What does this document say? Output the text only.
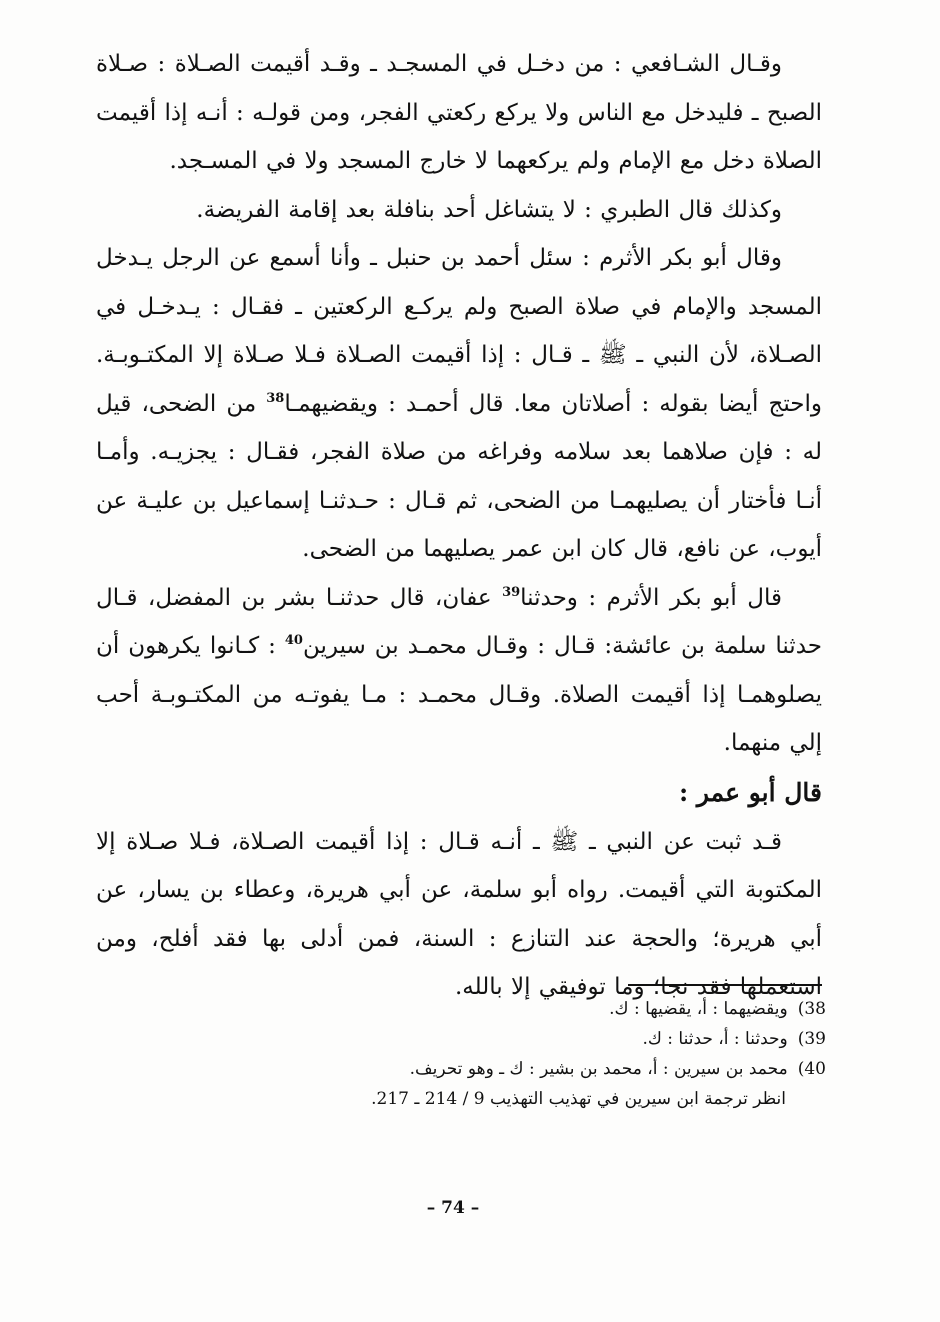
وقـال الشـافعي : من دخـل في المسجـد ـ وقـد أقيمت الصـلاة : صـلاة الصبح ـ فليدخل مع الناس ولا يركع ركعتي الفجر، ومن قولـه : أنـه إذا أقيمت الصلاة دخل مع الإمام ولم يركعهما لا خارج المسجد ولا في المسـجد.

وكذلك قال الطبري : لا يتشاغل أحد بنافلة بعد إقامة الفريضة.

وقال أبو بكر الأثرم : سئل أحمد بن حنبل ـ وأنا أسمع عن الرجل يـدخل المسجد والإمام في صلاة الصبح ولم يركـع الركعتين ـ فقـال : يـدخـل في الصـلاة، لأن النبي ـ ﷺ ـ قـال : إذا أقيمت الصـلاة فـلا صـلاة إلا المكتـوبـة. واحتج أيضا بقوله : أصلاتان معا. قال أحمـد : ويقضيهمـا$^{38}$ من الضحى، قيل له : فإن صلاهما بعد سلامه وفراغه من صلاة الفجر، فقـال : يجزيـه. وأمـا أنـا فأختار أن يصليهمـا من الضحى، ثم قـال : حـدثنـا إسماعيل بن عليـة عن أيوب، عن نافع، قال كان ابن عمر يصليهما من الضحى.

قال أبو بكر الأثرم : وحدثنا$^{39}$ عفان، قال حدثنـا بشر بن المفضل، قـال حدثنا سلمة بن عائشة: قـال : وقـال محمـد بن سيرين$^{40}$ : كـانوا يكرهون أن يصلوهمـا إذا أقيمت الصلاة. وقـال محمـد : مـا يفوتـه من المكتـوبـة أحب إلي منهما.

قال أبو عمر :

قـد ثبت عن النبي ـ ﷺ ـ أنـه قـال : إذا أقيمت الصـلاة، فـلا صـلاة إلا المكتوبة التي أقيمت. رواه أبو سلمة، عن أبي هريرة، وعطاء بن يسار، عن أبي هريرة؛ والحجة عند التنازع : السنة، فمن أدلى بها فقد أفلح، ومن استعملها فقد نجا؛ وما توفيقي إلا بالله.

38)ويقضيهما : أ، يقضيها : ك.

39)وحدثنا : أ، حدثنا : ك.

40)محمد بن سيرين : أ، محمد بن بشير : ك ـ وهو تحريف.

انظر ترجمة ابن سيرين في تهذيب التهذيب 9 / 214 ـ 217.

– 74 –
